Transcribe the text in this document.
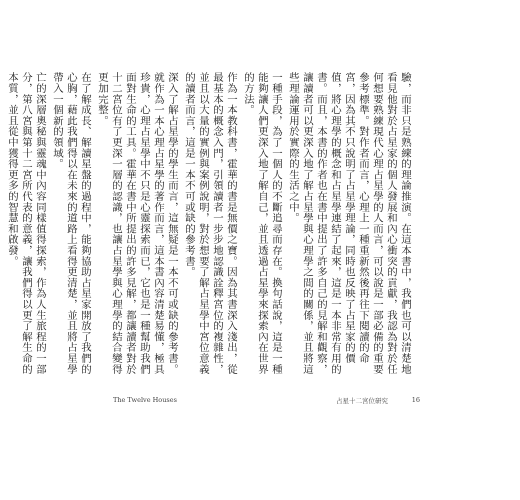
驗，而非只是熟練的理論推演。在這本書中，我們也可以清楚地看見他對於占星家的個人發展和內心衝突的貢獻，我認為對於任何想要熟練現代心理占星學的人而言，可以說是一部必備的重要參考標準。對作者而言，心理上一種重新然後再往下閱讀的命宮，因為其不只說明了占星學理論，同時也反映了占星家的價值，將心理學的概念和占星學連結了起來，這是一本非常有用的書。而且，本書的作者也在書中提出了許多自己的見解和觀察，讓讀者可以更深入地了解占星學與心理學之間的關係，並且將這些理論運用於實際的生活之中。

一種手段，為了一個人的不斷追尋而存在。換句話說，這是一種能夠讓人們更深入地了解自己，並且透過占星學來探索內在世界的方法。

作為一本教科書，霍華的書是無價之寶。因為其書深入淺出，從最基本的概念入門，引領讀者一步步地認識詮釋宮位的複雜性，並且以大量的實例與案例說明，對於想要了解占星學中宮位意義的讀者而言，這是一本不可或缺的參考書。

深入了解占星學的學生而言，這無疑是一本不可或缺的參考書。就作為一本心理占星學的著作而言，這本書內容清楚易懂，極具珍貴，心理占星學中不只是心靈探索而已，它也是一種幫助我們面對生命的工具。霍華在書中所提出的許多見解，都讓讀者對於十二宮位有了更深一層的認識，也讓占星學與心理學的結合變得更加完整。

在了解成長、解讀星盤的過程中，能夠協助占星家開放了我們的心胸，藉此我們得以在未來的道路上看得更清楚，並且將占星學帶入一個新的領域。

亡的深層奧秘與靈魂中內容同樣值得探索，作為人生旅程的一部分，第八宮與第十二宮所代表的意義，讓我們得以更了解生命的本質，並且從中獲得更多的智慧和啟發。

The Twelve Houses	占星十二宮位研究	16
